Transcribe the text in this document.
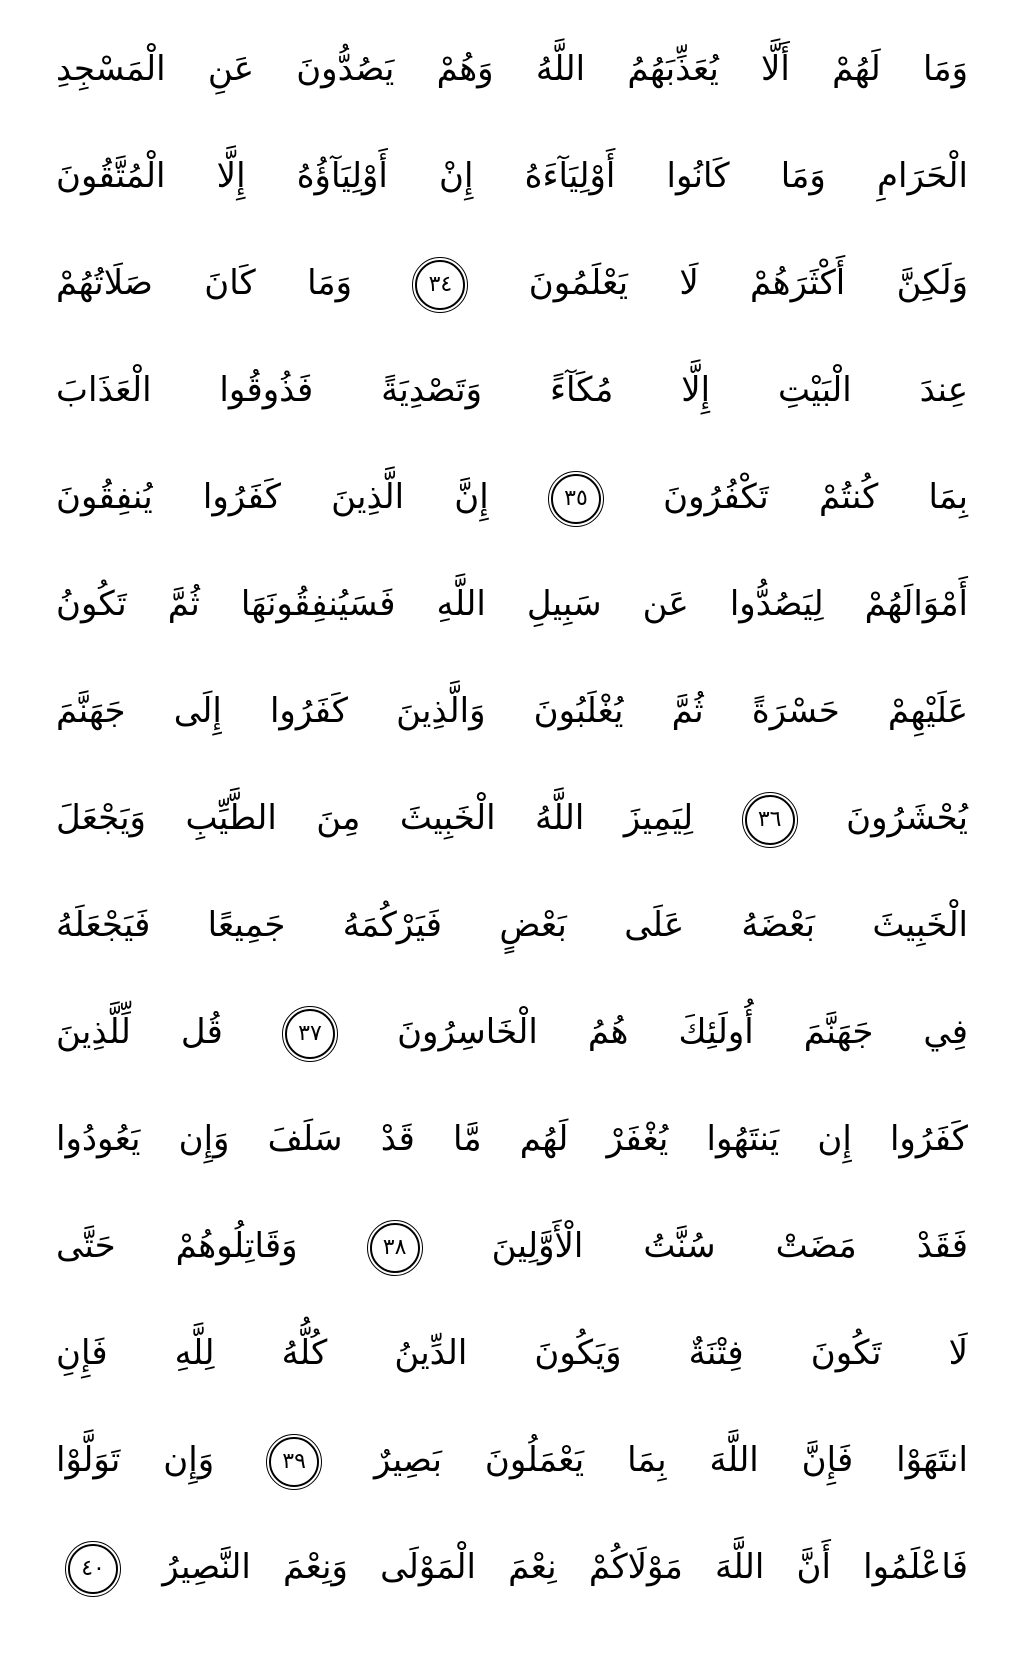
وَمَا لَهُمْ أَلَّا يُعَذِّبَهُمُ اللَّهُ وَهُمْ يَصُدُّونَ عَنِ الْمَسْجِدِ
الْحَرَامِ وَمَا كَانُوا أَوْلِيَآءَهُ إِنْ أَوْلِيَآؤُهُ إِلَّا الْمُتَّقُونَ
وَلَكِنَّ أَكْثَرَهُمْ لَا يَعْلَمُونَ
٣٤
وَمَا كَانَ صَلَاتُهُمْ
عِندَ الْبَيْتِ إِلَّا مُكَآءً وَتَصْدِيَةً فَذُوقُوا الْعَذَابَ
بِمَا كُنتُمْ تَكْفُرُونَ
٣٥
إِنَّ الَّذِينَ كَفَرُوا يُنفِقُونَ
أَمْوَالَهُمْ لِيَصُدُّوا عَن سَبِيلِ اللَّهِ فَسَيُنفِقُونَهَا ثُمَّ تَكُونُ
عَلَيْهِمْ حَسْرَةً ثُمَّ يُغْلَبُونَ وَالَّذِينَ كَفَرُوا إِلَى جَهَنَّمَ
يُحْشَرُونَ
٣٦
لِيَمِيزَ اللَّهُ الْخَبِيثَ مِنَ الطَّيِّبِ وَيَجْعَلَ
الْخَبِيثَ بَعْضَهُ عَلَى بَعْضٍ فَيَرْكُمَهُ جَمِيعًا فَيَجْعَلَهُ
فِي جَهَنَّمَ أُولَئِكَ هُمُ الْخَاسِرُونَ
٣٧
قُل لِّلَّذِينَ
كَفَرُوا إِن يَنتَهُوا يُغْفَرْ لَهُم مَّا قَدْ سَلَفَ وَإِن يَعُودُوا
فَقَدْ مَضَتْ سُنَّتُ الْأَوَّلِينَ
٣٨
وَقَاتِلُوهُمْ حَتَّى
لَا تَكُونَ فِتْنَةٌ وَيَكُونَ الدِّينُ كُلُّهُ لِلَّهِ فَإِنِ
انتَهَوْا فَإِنَّ اللَّهَ بِمَا يَعْمَلُونَ بَصِيرٌ
٣٩
وَإِن تَوَلَّوْا
فَاعْلَمُوا أَنَّ اللَّهَ مَوْلَاكُمْ نِعْمَ الْمَوْلَى وَنِعْمَ النَّصِيرُ
٤٠
